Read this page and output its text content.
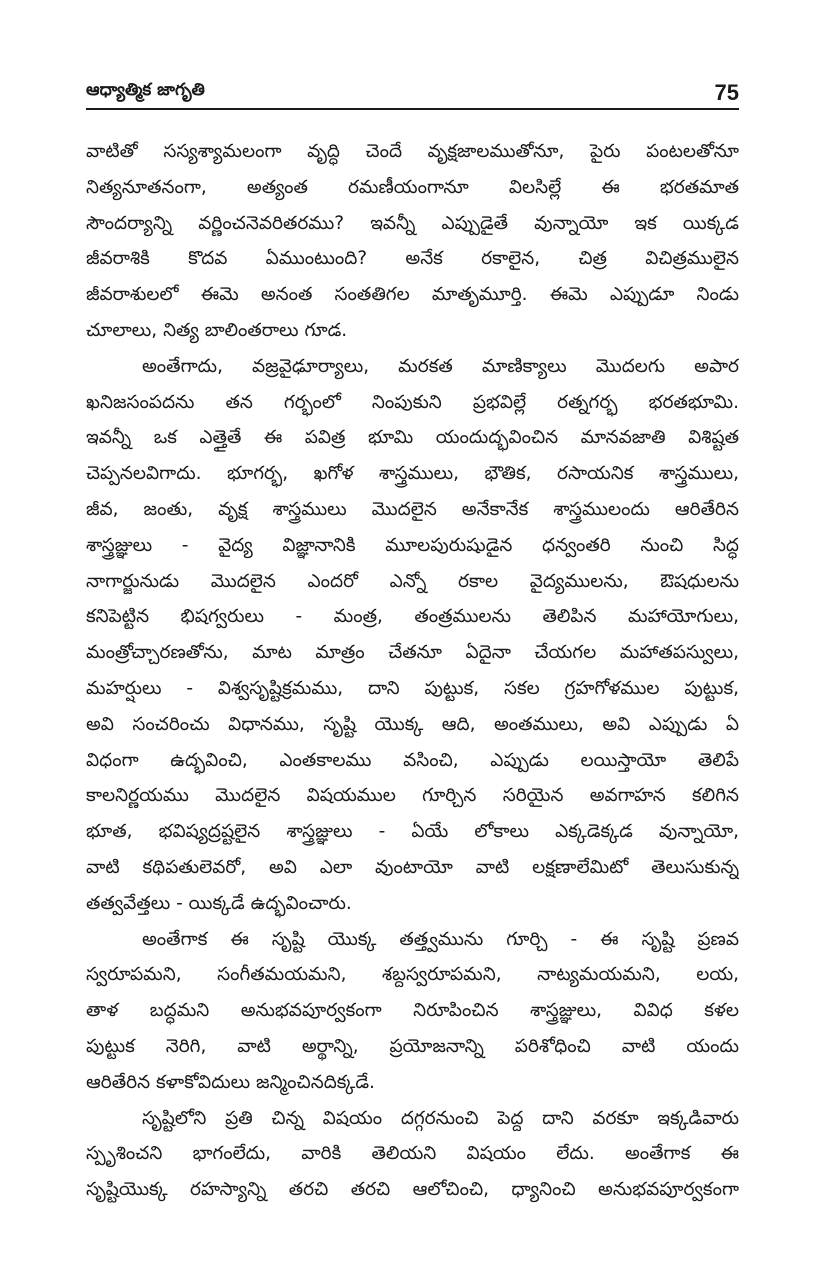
ఆధ్యాత్మిక జాగృతి	75
వాటితో సస్యశ్యామలంగా వృద్ధి చెందే వృక్షజాలముతోనూ, పైరు పంటలతోనూ
నిత్యనూతనంగా, అత్యంత రమణీయంగానూ విలసిల్లే ఈ భరతమాత
సౌందర్యాన్ని వర్ణించనెవరితరము? ఇవన్నీ ఎప్పుడైతే వున్నాయో ఇక యిక్కడ
జీవరాశికి కొదవ ఏముంటుంది? అనేక రకాలైన, చిత్ర విచిత్రములైన
జీవరాశులలో ఈమె అనంత సంతతిగల మాతృమూర్తి. ఈమె ఎప్పుడూ నిండు
చూలాలు, నిత్య బాలింతరాలు గూడ.
అంతేగాదు, వజ్రవైఢూర్యాలు, మరకత మాణిక్యాలు మొదలగు అపార
ఖనిజసంపదను తన గర్భంలో నింపుకుని ప్రభవిల్లే రత్నగర్భ భరతభూమి.
ఇవన్నీ ఒక ఎత్తైతే ఈ పవిత్ర భూమి యందుద్భవించిన మానవజాతి విశిష్టత
చెప్పనలవిగాదు. భూగర్భ, ఖగోళ శాస్త్రములు, భౌతిక, రసాయనిక శాస్త్రములు,
జీవ, జంతు, వృక్ష శాస్త్రములు మొదలైన అనేకానేక శాస్త్రములందు ఆరితేరిన
శాస్త్రజ్ఞులు - వైద్య విజ్ఞానానికి మూలపురుషుడైన ధన్వంతరి నుంచి సిద్ధ
నాగార్జునుడు మొదలైన ఎందరో ఎన్నో రకాల వైద్యములను, ఔషధులను
కనిపెట్టిన భిషగ్వరులు - మంత్ర, తంత్రములను తెలిపిన మహాయోగులు,
మంత్రోచ్చారణతోను, మాట మాత్రం చేతనూ ఏదైనా చేయగల మహాతపస్వులు,
మహర్షులు - విశ్వసృష్టిక్రమము, దాని పుట్టుక, సకల గ్రహగోళముల పుట్టుక,
అవి సంచరించు విధానము, సృష్టి యొక్క ఆది, అంతములు, అవి ఎప్పుడు ఏ
విధంగా ఉద్భవించి, ఎంతకాలము వసించి, ఎప్పుడు లయిస్తాయో తెలిపే
కాలనిర్ణయము మొదలైన విషయముల గూర్చిన సరియైన అవగాహన కలిగిన
భూత, భవిష్యద్రష్టలైన శాస్త్రజ్ఞులు - ఏయే లోకాలు ఎక్కడెక్కడ వున్నాయో,
వాటి కథిపతులెవరో, అవి ఎలా వుంటాయో వాటి లక్షణాలేమిటో తెలుసుకున్న
తత్వవేత్తలు - యిక్కడే ఉద్భవించారు.
అంతేగాక ఈ సృష్టి యొక్క తత్త్వమును గూర్చి - ఈ సృష్టి ప్రణవ
స్వరూపమని, సంగీతమయమని, శబ్దస్వరూపమని, నాట్యమయమని, లయ,
తాళ బద్ధమని అనుభవపూర్వకంగా నిరూపించిన శాస్త్రజ్ఞులు, వివిధ కళల
పుట్టుక నెరిగి, వాటి అర్థాన్ని, ప్రయోజనాన్ని పరిశోధించి వాటి యందు
ఆరితేరిన కళాకోవిదులు జన్మించినదిక్కడే.
సృష్టిలోని ప్రతి చిన్న విషయం దగ్గరనుంచి పెద్ద దాని వరకూ ఇక్కడివారు
స్పృశించని భాగంలేదు, వారికి తెలియని విషయం లేదు. అంతేగాక ఈ
సృష్టియొక్క రహస్యాన్ని తరచి తరచి ఆలోచించి, ధ్యానించి అనుభవపూర్వకంగా
